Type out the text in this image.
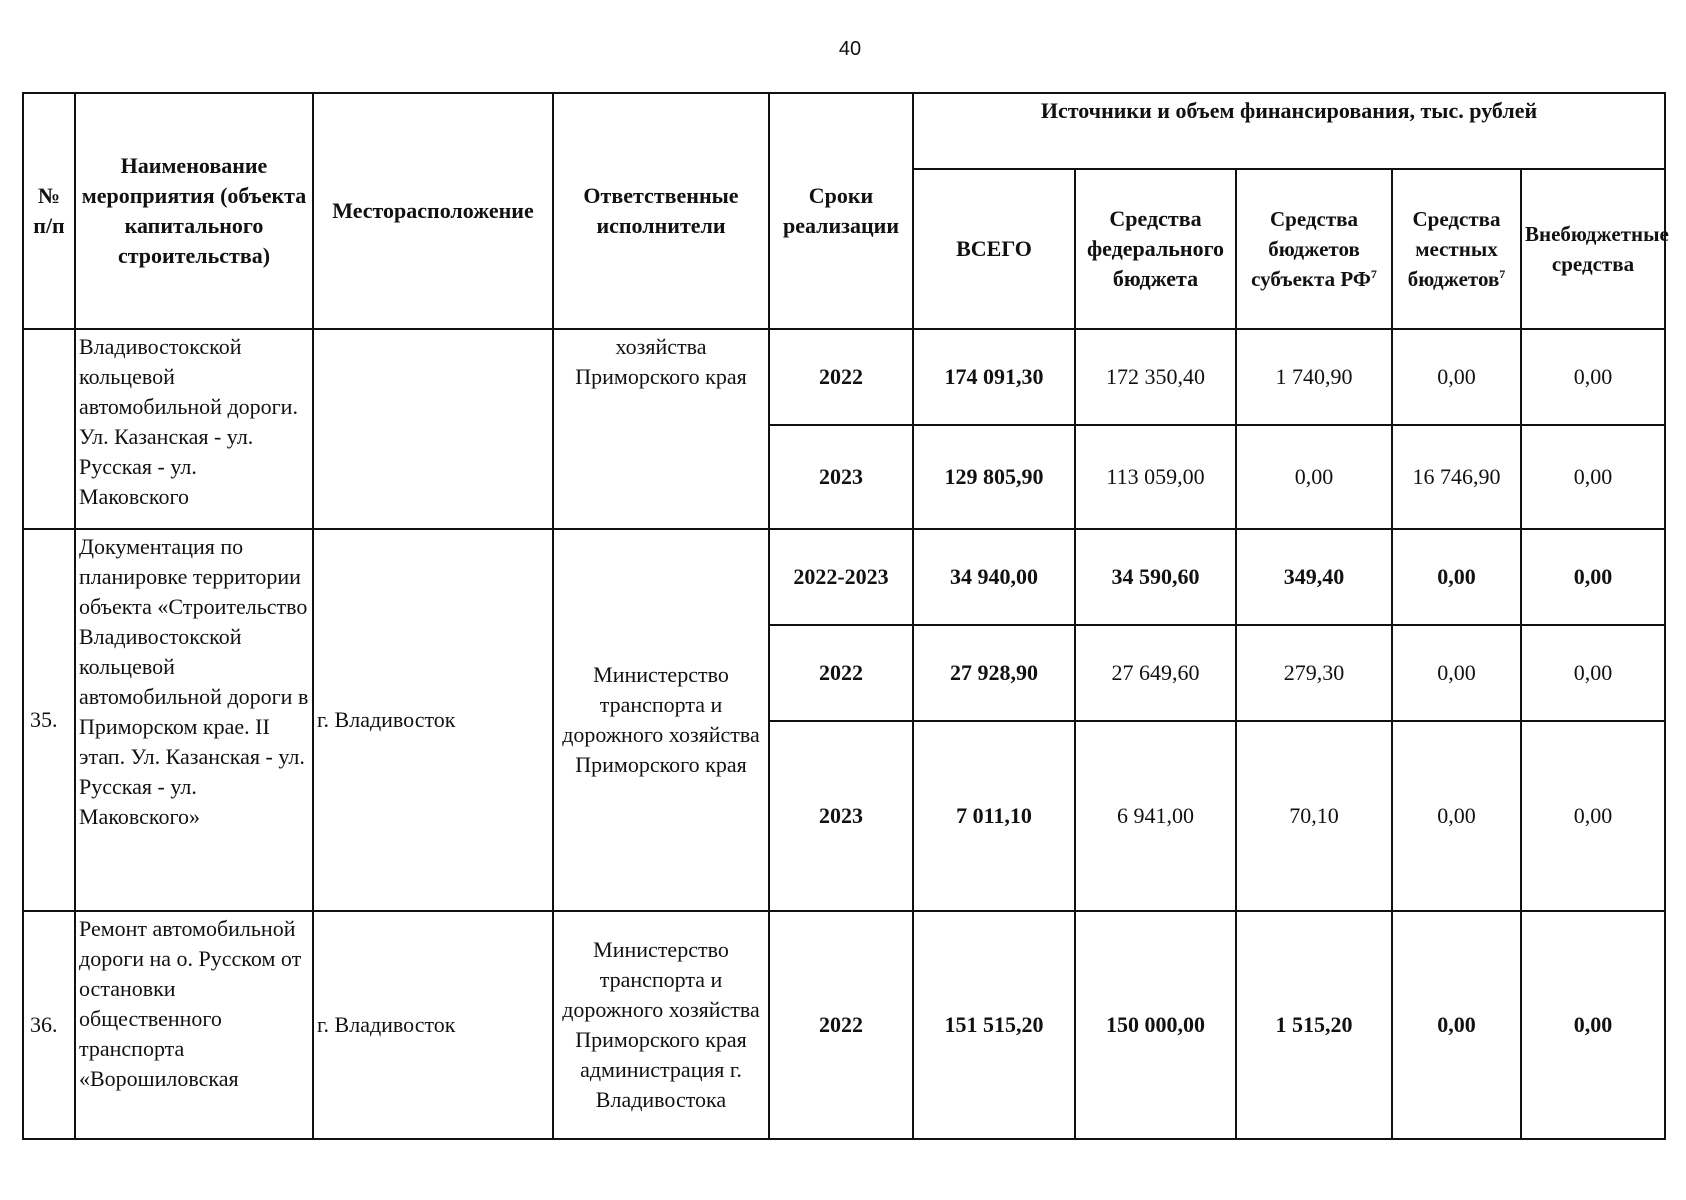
40
№ п/п	Наименование мероприятия (объекта капитального строительства)	Месторасположение	Ответственные исполнители	Сроки реализации	Источники и объем финансирования, тыс. рублей				
					ВСЕГО	Средства федерального бюджета	Средства бюджетов субъекта $РФ^7$	Средства местных бюджетов$^7$	Внебюджетные средства
	Владивостокской кольцевой автомобильной дороги. Ул. Казанская - ул. Русская - ул. Маковского		хозяйства Приморского края	2022	174 091,30	172 350,40	1 740,90	0,00	0,00
				2023	129 805,90	113 059,00	0,00	16 746,90	0,00
35.	Документация по планировке территории объекта «Строительство Владивостокской кольцевой автомобильной дороги в Приморском крае. II этап. Ул. Казанская - ул. Русская - ул. Маковского»	г. Владивосток	Министерство транспорта и дорожного хозяйства Приморского края	2022-2023	34 940,00	34 590,60	349,40	0,00	0,00
				2022	27 928,90	27 649,60	279,30	0,00	0,00
				2023	7 011,10	6 941,00	70,10	0,00	0,00
36.	Ремонт автомобильной дороги на о. Русском от остановки общественного транспорта «Ворошиловская	г. Владивосток	Министерство транспорта и дорожного хозяйства Приморского края администрация г. Владивостока	2022	151 515,20	150 000,00	1 515,20	0,00	0,00
